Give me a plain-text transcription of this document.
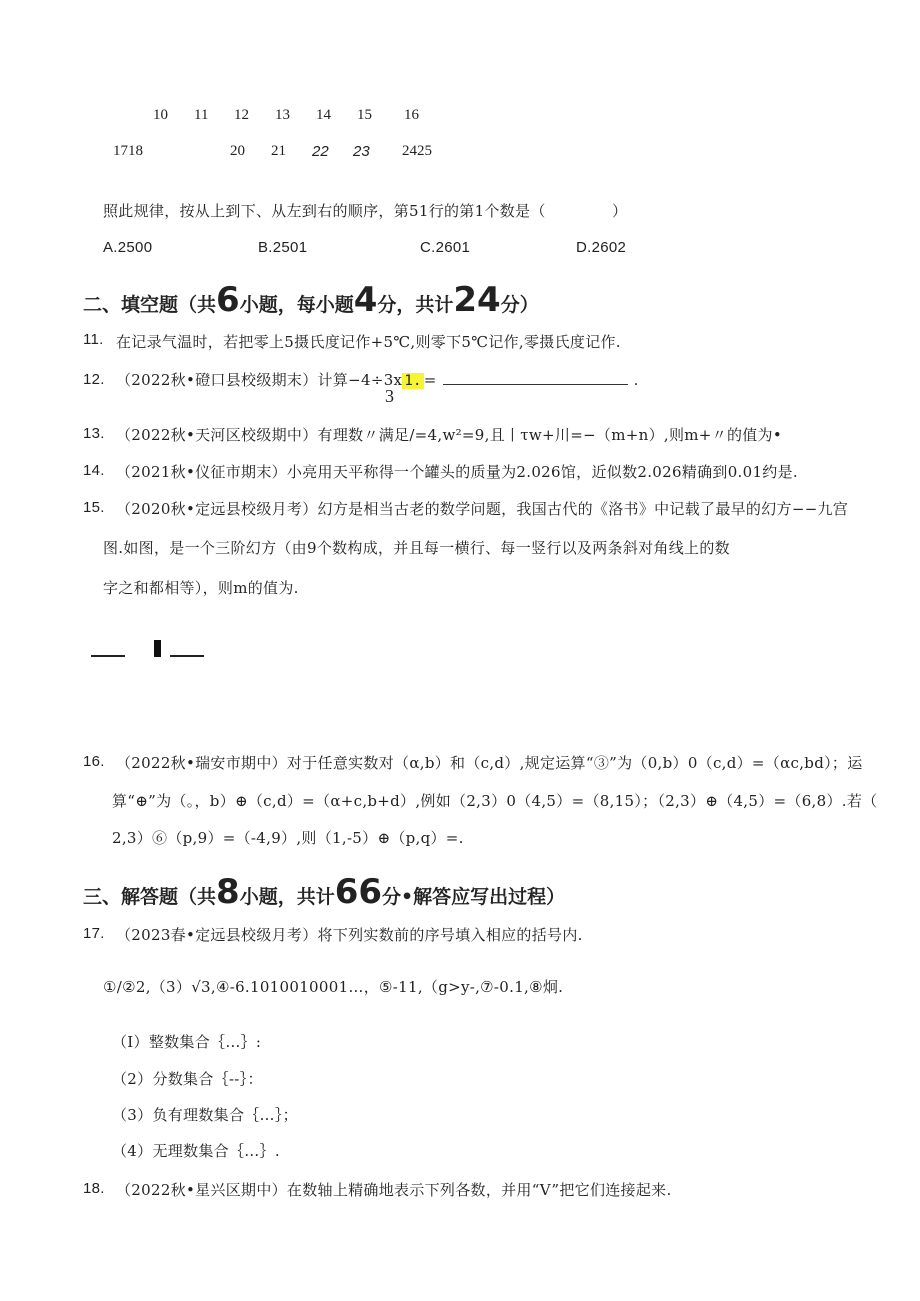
10 11 12 13 14 15 16
1718	20 21 22 23 2425
照此规律，按从上到下、从左到右的顺序，第51行的第1个数是（	）
A.2500	B.2501	C.2601	D.2602
二、填空题（共6小题，每小题4分，共计24分）
11. 在记录气温时，若把零上5摄氏度记作+5℃,则零下5℃记作,零摄氏度记作.
12. （2022秋•磴口县校级期末）计算−4÷3x 1. =	.
3
13. （2022秋•天河区校级期中）有理数〃满足/=4,w²=9,且丨τw+川=−（m+n）,则m+〃的值为•
14. （2021秋•仪征市期末）小亮用天平称得一个罐头的质量为2.026馆，近似数2.026精确到0.01约是.
15. （2020秋•定远县校级月考）幻方是相当古老的数学问题，我国古代的《洛书》中记载了最早的幻方−−九宫
图.如图，是一个三阶幻方（由9个数构成，并且每一横行、每一竖行以及两条斜对角线上的数
字之和都相等），则m的值为.
16. （2022秋•瑞安市期中）对于任意实数对（α,b）和（c,d）,规定运算“③”为（0,b）0（c,d）=（αc,bd）；运
算“⊕”为（。，b）⊕（c,d）=（α+c,b+d）,例如（2,3）0（4,5）=（8,15）；（2,3）⊕（4,5）=（6,8）.若（
2,3）⑥（p,9）=（-4,9）,则（1,-5）⊕（p,q）=.
三、解答题（共8小题，共计66分•解答应写出过程）
17. （2023春•定远县校级月考）将下列实数前的序号填入相应的括号内.
①/②2,（3）√3,④-6.1010010001…，⑤-11,（g>y-,⑦-0.1,⑧炯.
（I）整数集合｛…｝:
（2）分数集合｛--｝：
（3）负有理数集合｛…｝；
（4）无理数集合｛…｝.
18. （2022秋•星兴区期中）在数轴上精确地表示下列各数，并用“V”把它们连接起来.
